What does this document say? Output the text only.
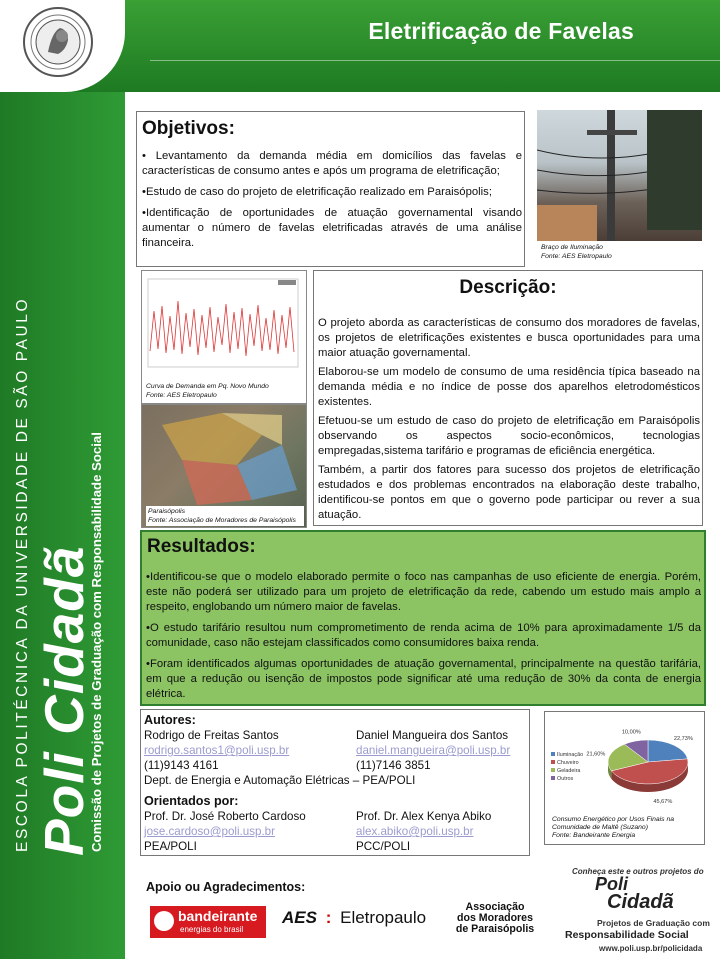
Eletrificação de Favelas
ESCOLA POLITÉCNICA DA UNIVERSIDADE DE SÃO PAULO Poli Cidadã
Comissão de Projetos de Graduação com Responsabilidade Social
Objetivos:

• Levantamento da demanda média em domicílios das favelas e características de consumo antes e após um programa de eletrificação;

•Estudo de caso do projeto de eletrificação realizado em Paraisópolis;

•Identificação de oportunidades de atuação governamental visando aumentar o número de favelas eletrificadas através de uma análise financeira.	Braço de Iluminação
Fonte: AES Eletropaulo
Curva de Demanda em Pq. Novo Mundo
Fonte: AES Eletropaulo
Paraisópolis
Fonte: Associação de Moradores de Paraisópolis
Descrição:

O projeto aborda as características de consumo dos moradores de favelas, os projetos de eletrificações existentes e busca oportunidades para uma maior atuação governamental.

Elaborou-se um modelo de consumo de uma residência típica baseado na demanda média e no índice de posse dos aparelhos eletrodomésticos existentes.

Efetuou-se um estudo de caso do projeto de eletrificação em Paraisópolis observando os aspectos socio-econômicos, tecnologias empregadas,sistema tarifário e programas de eficiência energética.

Também, a partir dos fatores para sucesso dos projetos de eletrificação estudados e dos problemas encontrados na elaboração deste trabalho, identificou-se pontos em que o governo pode participar ou rever a sua atuação.

Resultados:

•Identificou-se que o modelo elaborado permite o foco nas campanhas de uso eficiente de energia. Porém, este não poderá ser utilizado para um projeto de eletrificação da rede, cabendo um estudo mais amplo a respeito, englobando um número maior de favelas.

•O estudo tarifário resultou num comprometimento de renda acima de 10% para aproximadamente 1/5 da comunidade, caso não estejam classificados como consumidores baixa renda.

•Foram identificados algumas oportunidades de atuação governamental, principalmente na questão tarifária, em que a redução ou isenção de impostos pode significar até uma redução de 30% da conta de energia elétrica.

Autores:
Rodrigo de Freitas Santos
rodrigo.santos1@poli.usp.br
(11)9143 4161
Daniel Mangueira dos Santos
daniel.mangueira@poli.usp.br
(11)7146 3851
Dept. de Energia e Automação Elétricas – PEA/POLI
Orientados por:
Prof. Dr. José Roberto Cardoso
jose.cardoso@poli.usp.br
PEA/POLI
Prof. Dr. Alex Kenya Abiko
alex.abiko@poli.usp.br
PCC/POLI
22,73%
45,67%
21,60%
10,00%
Iluminação
Chuveiro
Geladeira
Outros
Consumo Energético por Usos Finais na
Comunidade de Maltê (Suzano)
Fonte: Bandeirante Energia
Apoio ou Agradecimentos:
bandeirante
energias do brasil
AES : Eletropaulo
Associação
dos Moradores
de Paraisópolis
Conheça este e outros projetos do
Poli
Cidadã
Projetos de Graduação com
Responsabilidade Social
www.poli.usp.br/policidada
